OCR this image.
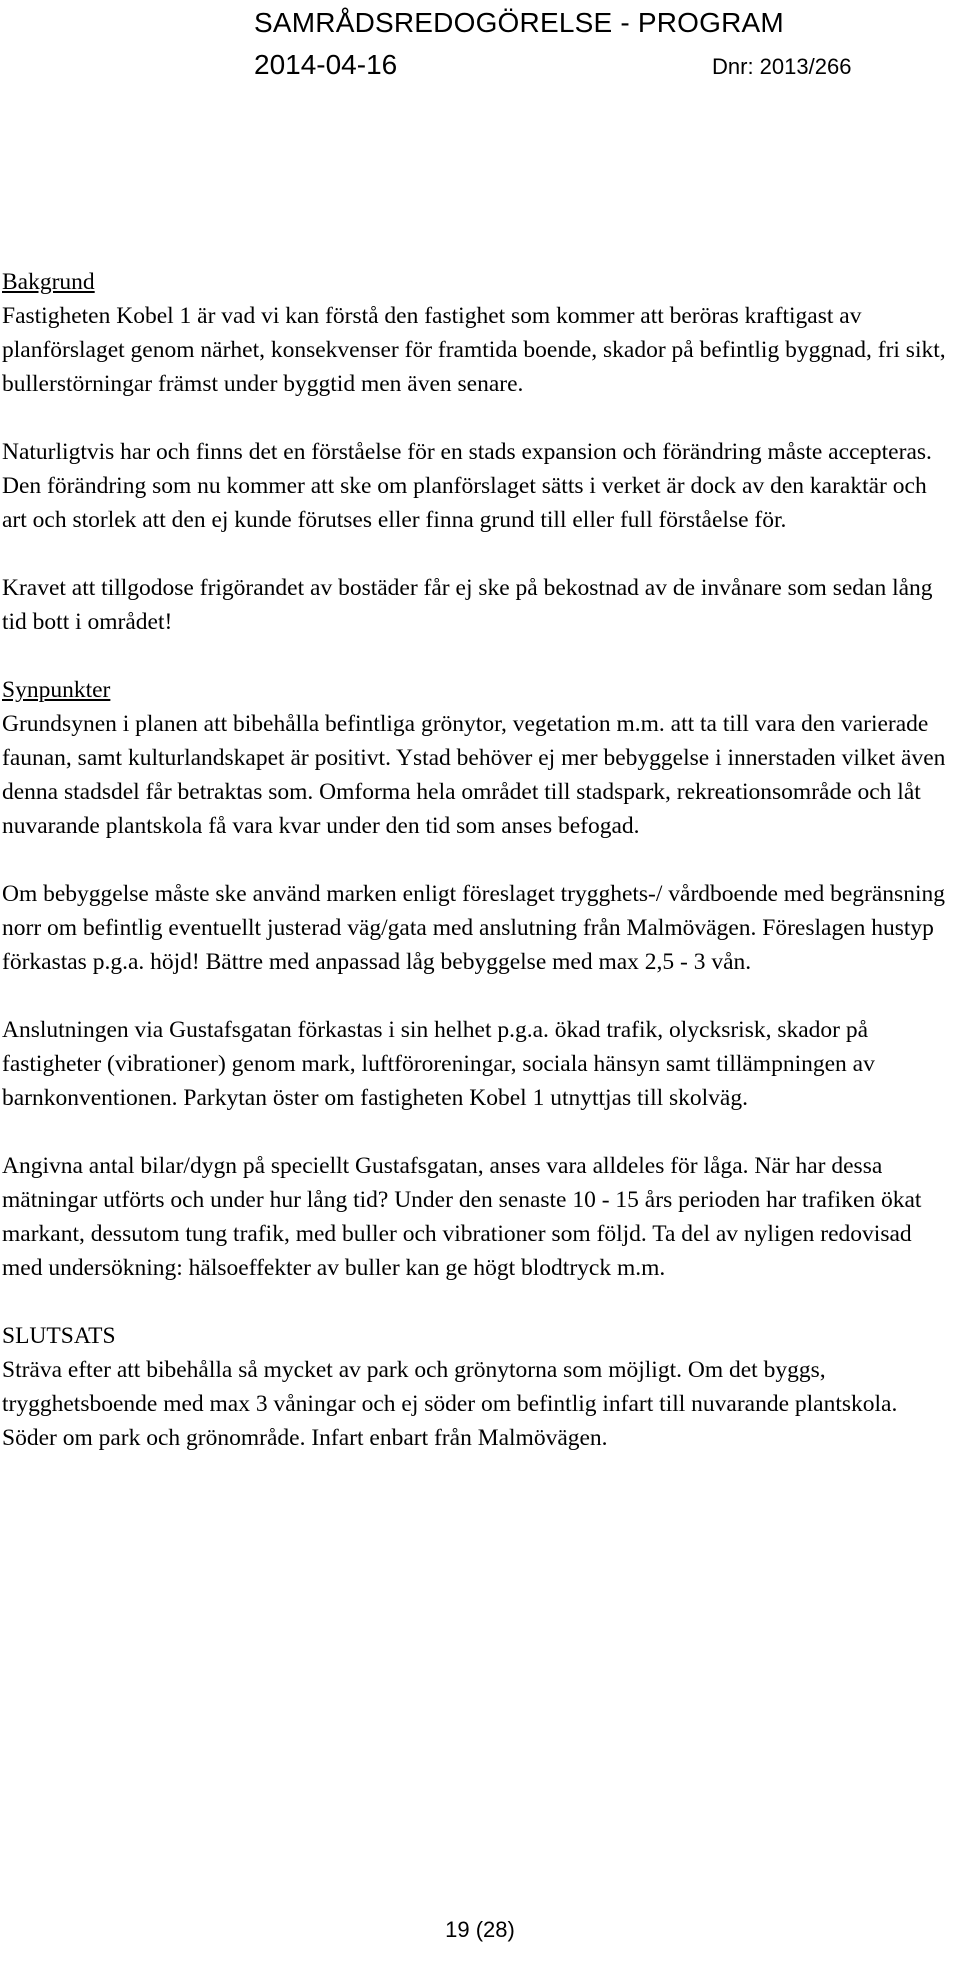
SAMRÅDSREDOGÖRELSE - PROGRAM
2014-04-16	Dnr: 2013/266
Bakgrund

Fastigheten Kobel 1 är vad vi kan förstå den fastighet som kommer att beröras kraftigast av planförslaget genom närhet, konsekvenser för framtida boende, skador på befintlig byggnad, fri sikt, bullerstörningar främst under byggtid men även senare.

Naturligtvis har och finns det en förståelse för en stads expansion och förändring måste accepteras. Den förändring som nu kommer att ske om planförslaget sätts i verket är dock av den karaktär och art och storlek att den ej kunde förutses eller finna grund till eller full förståelse för.

Kravet att tillgodose frigörandet av bostäder får ej ske på bekostnad av de invånare som sedan lång tid bott i området!

Synpunkter

Grundsynen i planen att bibehålla befintliga grönytor, vegetation m.m. att ta till vara den varierade faunan, samt kulturlandskapet är positivt. Ystad behöver ej mer bebyggelse i innerstaden vilket även denna stadsdel får betraktas som. Omforma hela området till stadspark, rekreationsområde och låt nuvarande plantskola få vara kvar under den tid som anses befogad.

Om bebyggelse måste ske använd marken enligt föreslaget trygghets-/ vårdboende med begränsning norr om befintlig eventuellt justerad väg/gata med anslutning från Malmövägen. Föreslagen hustyp förkastas p.g.a. höjd! Bättre med anpassad låg bebyggelse med max 2,5 - 3 vån.

Anslutningen via Gustafsgatan förkastas i sin helhet p.g.a. ökad trafik, olycksrisk, skador på fastigheter (vibrationer) genom mark, luftföroreningar, sociala hänsyn samt tillämpningen av barnkonventionen. Parkytan öster om fastigheten Kobel 1 utnyttjas till skolväg.

Angivna antal bilar/dygn på speciellt Gustafsgatan, anses vara alldeles för låga. När har dessa mätningar utförts och under hur lång tid? Under den senaste 10 - 15 års perioden har trafiken ökat markant, dessutom tung trafik, med buller och vibrationer som följd. Ta del av nyligen redovisad med undersökning: hälsoeffekter av buller kan ge högt blodtryck m.m.

SLUTSATS

Sträva efter att bibehålla så mycket av park och grönytorna som möjligt. Om det byggs, trygghetsboende med max 3 våningar och ej söder om befintlig infart till nuvarande plantskola. Söder om park och grönområde. Infart enbart från Malmövägen.

19 (28)
